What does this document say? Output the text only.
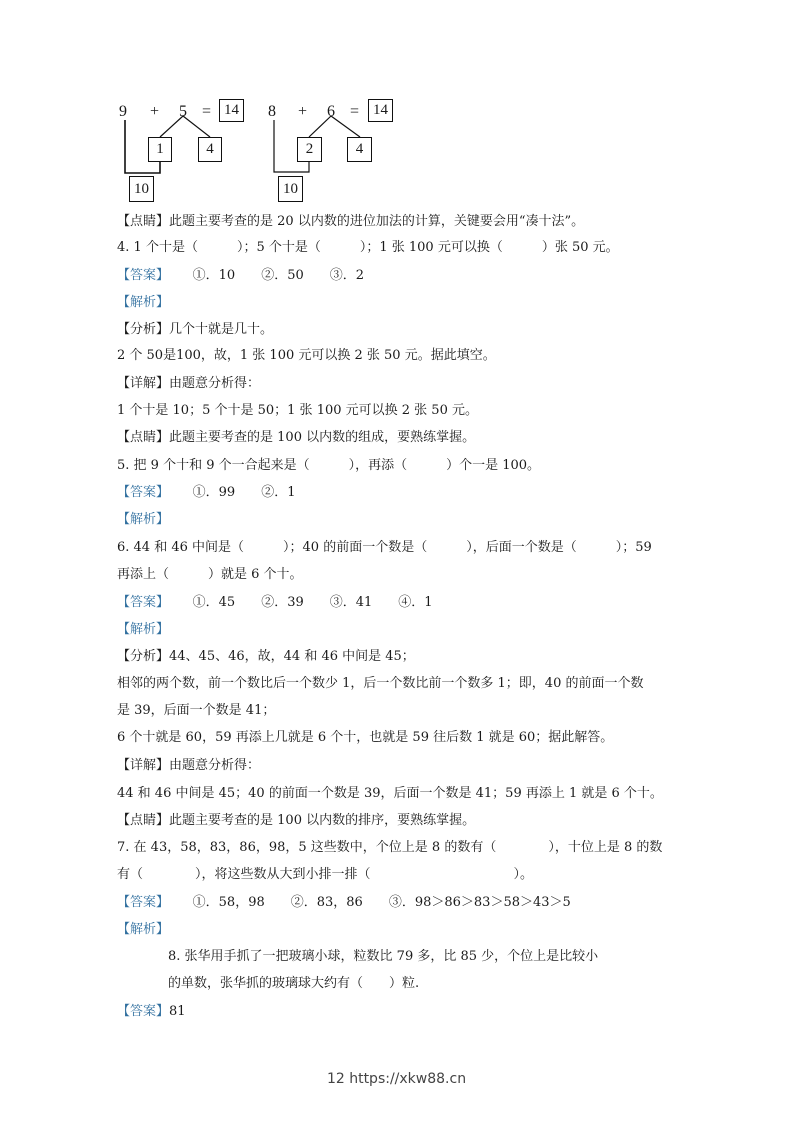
9 + 5 = 14
1	4
10
8 + 6 = 14
2	4
10
【点睛】此题主要考查的是 20 以内数的进位加法的计算，关键要会用“凑十法”。
4. 1 个十是（　　　）；5 个十是（　　　）；1 张 100 元可以换（　　　）张 50 元。
【答案】　　 ①．10　　②．50　　③．2
【解析】
【分析】几个十就是几十。
2 个 50是100，故，1 张 100 元可以换 2 张 50 元。据此填空。
【详解】由题意分析得：
1 个十是 10；5 个十是 50；1 张 100 元可以换 2 张 50 元。
【点睛】此题主要考查的是 100 以内数的组成，要熟练掌握。
5. 把 9 个十和 9 个一合起来是（　　　），再添（　　　）个一是 100。
【答案】　　 ①．99　　②．1
【解析】
6. 44 和 46 中间是（　　　）；40 的前面一个数是（　　　），后面一个数是（　　　）；59
再添上（　　　）就是 6 个十。
【答案】　　 ①．45　　②．39　　③．41　　④．1
【解析】
【分析】44、45、46，故，44 和 46 中间是 45；
相邻的两个数，前一个数比后一个数少 1，后一个数比前一个数多 1；即，40 的前面一个数
是 39，后面一个数是 41；
6 个十就是 60，59 再添上几就是 6 个十，也就是 59 往后数 1 就是 60；据此解答。
【详解】由题意分析得：
44 和 46 中间是 45；40 的前面一个数是 39，后面一个数是 41；59 再添上 1 就是 6 个十。
【点睛】此题主要考查的是 100 以内数的排序，要熟练掌握。
7. 在 43，58，83，86，98，5 这些数中，个位上是 8 的数有（　　　　），十位上是 8 的数
有（　　　　），将这些数从大到小排一排（　　　　　　　　　　　）。
【答案】　　 ①．58，98　　②．83，86　　③．98＞86＞83＞58＞43＞5
【解析】
8. 张华用手抓了一把玻璃小球，粒数比 79 多，比 85 少，个位上是比较小
的单数，张华抓的玻璃球大约有（　　）粒.
【答案】81
12 https://xkw88.cn
